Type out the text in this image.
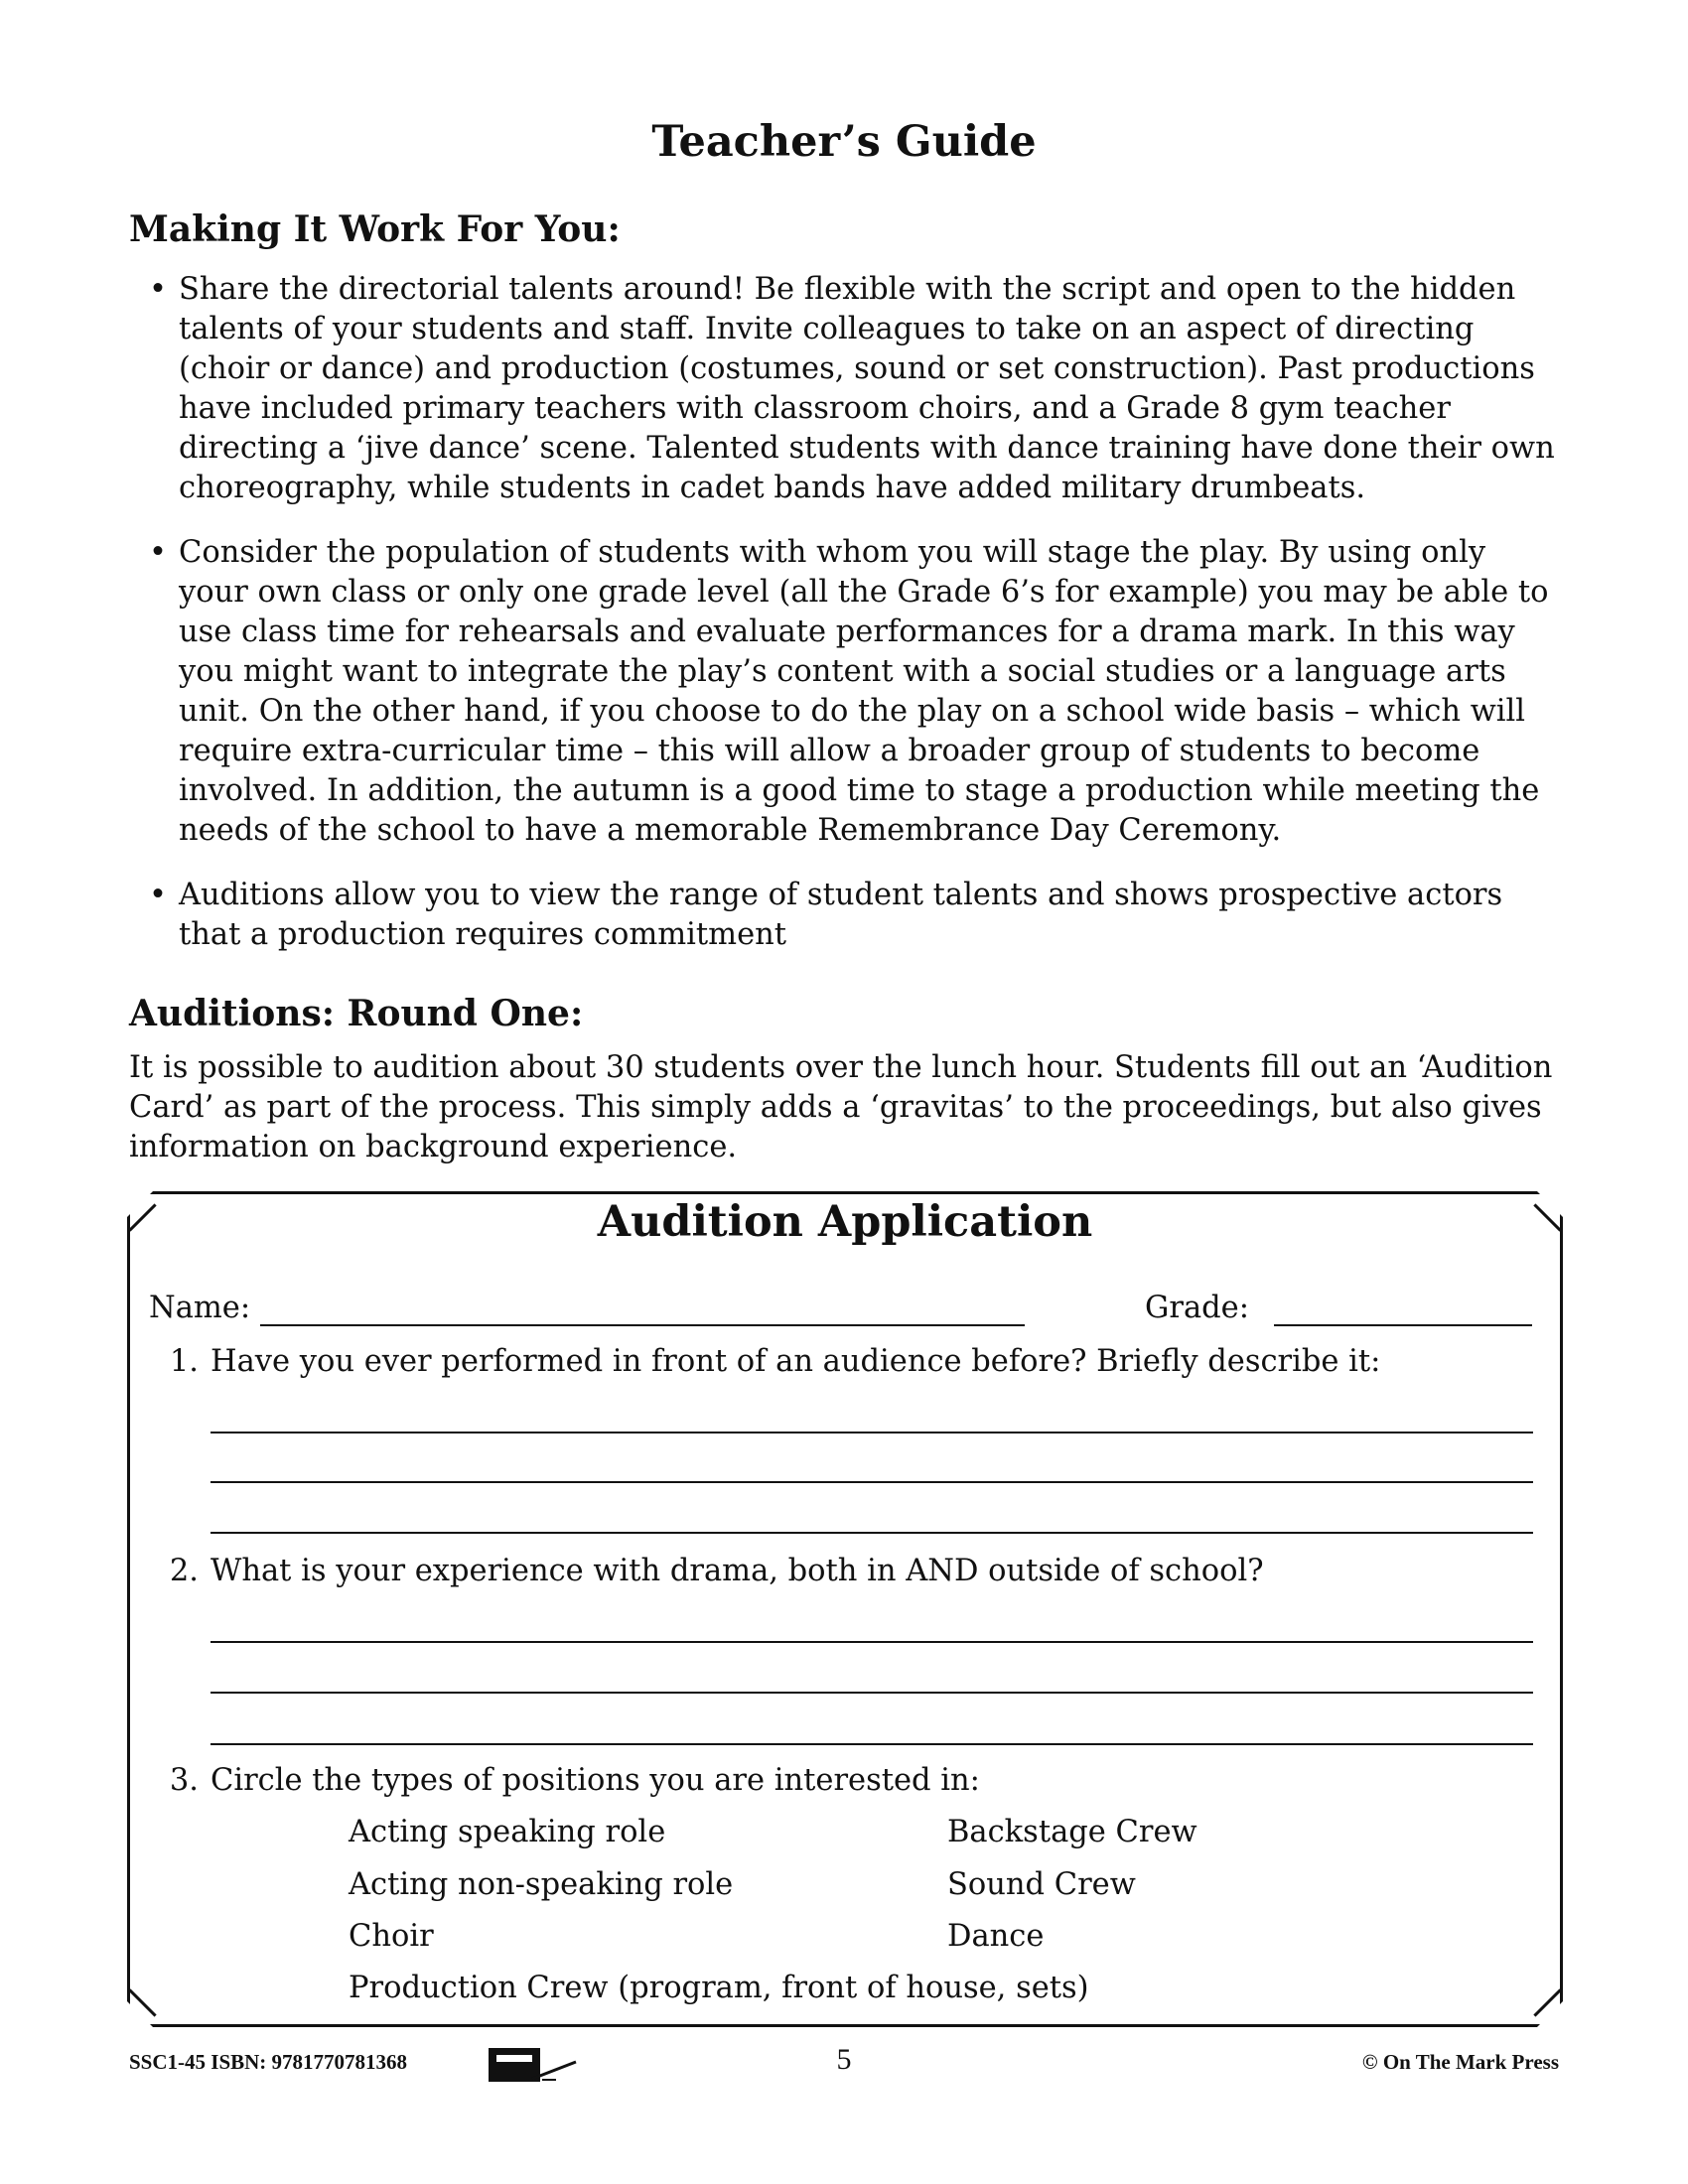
Teacher’s Guide
Making It Work For You:
• Share the directorial talents around! Be flexible with the script and open to the hidden talents of your students and staff. Invite colleagues to take on an aspect of directing (choir or dance) and production (costumes, sound or set construction). Past productions have included primary teachers with classroom choirs, and a Grade 8 gym teacher directing a ‘jive dance’ scene. Talented students with dance training have done their own choreography, while students in cadet bands have added military drumbeats.
• Consider the population of students with whom you will stage the play. By using only your own class or only one grade level (all the Grade 6’s for example) you may be able to use class time for rehearsals and evaluate performances for a drama mark. In this way you might want to integrate the play’s content with a social studies or a language arts unit. On the other hand, if you choose to do the play on a school wide basis – which will require extra-curricular time – this will allow a broader group of students to become involved. In addition, the autumn is a good time to stage a production while meeting the needs of the school to have a memorable Remembrance Day Ceremony.
• Auditions allow you to view the range of student talents and shows prospective actors that a production requires commitment
Auditions: Round One:

It is possible to audition about 30 students over the lunch hour. Students fill out an ‘Audition Card’ as part of the process. This simply adds a ‘gravitas’ to the proceedings, but also gives information on background experience.

Audition Application
Name:	Grade:
1. Have you ever performed in front of an audience before? Briefly describe it:
2. What is your experience with drama, both in AND outside of school?
3. Circle the types of positions you are interested in:
Acting speaking role	Backstage Crew
Acting non-speaking role	Sound Crew
Choir	Dance
Production Crew (program, front of house, sets)
SSC1-45 ISBN: 9781770781368	5	© On The Mark Press
